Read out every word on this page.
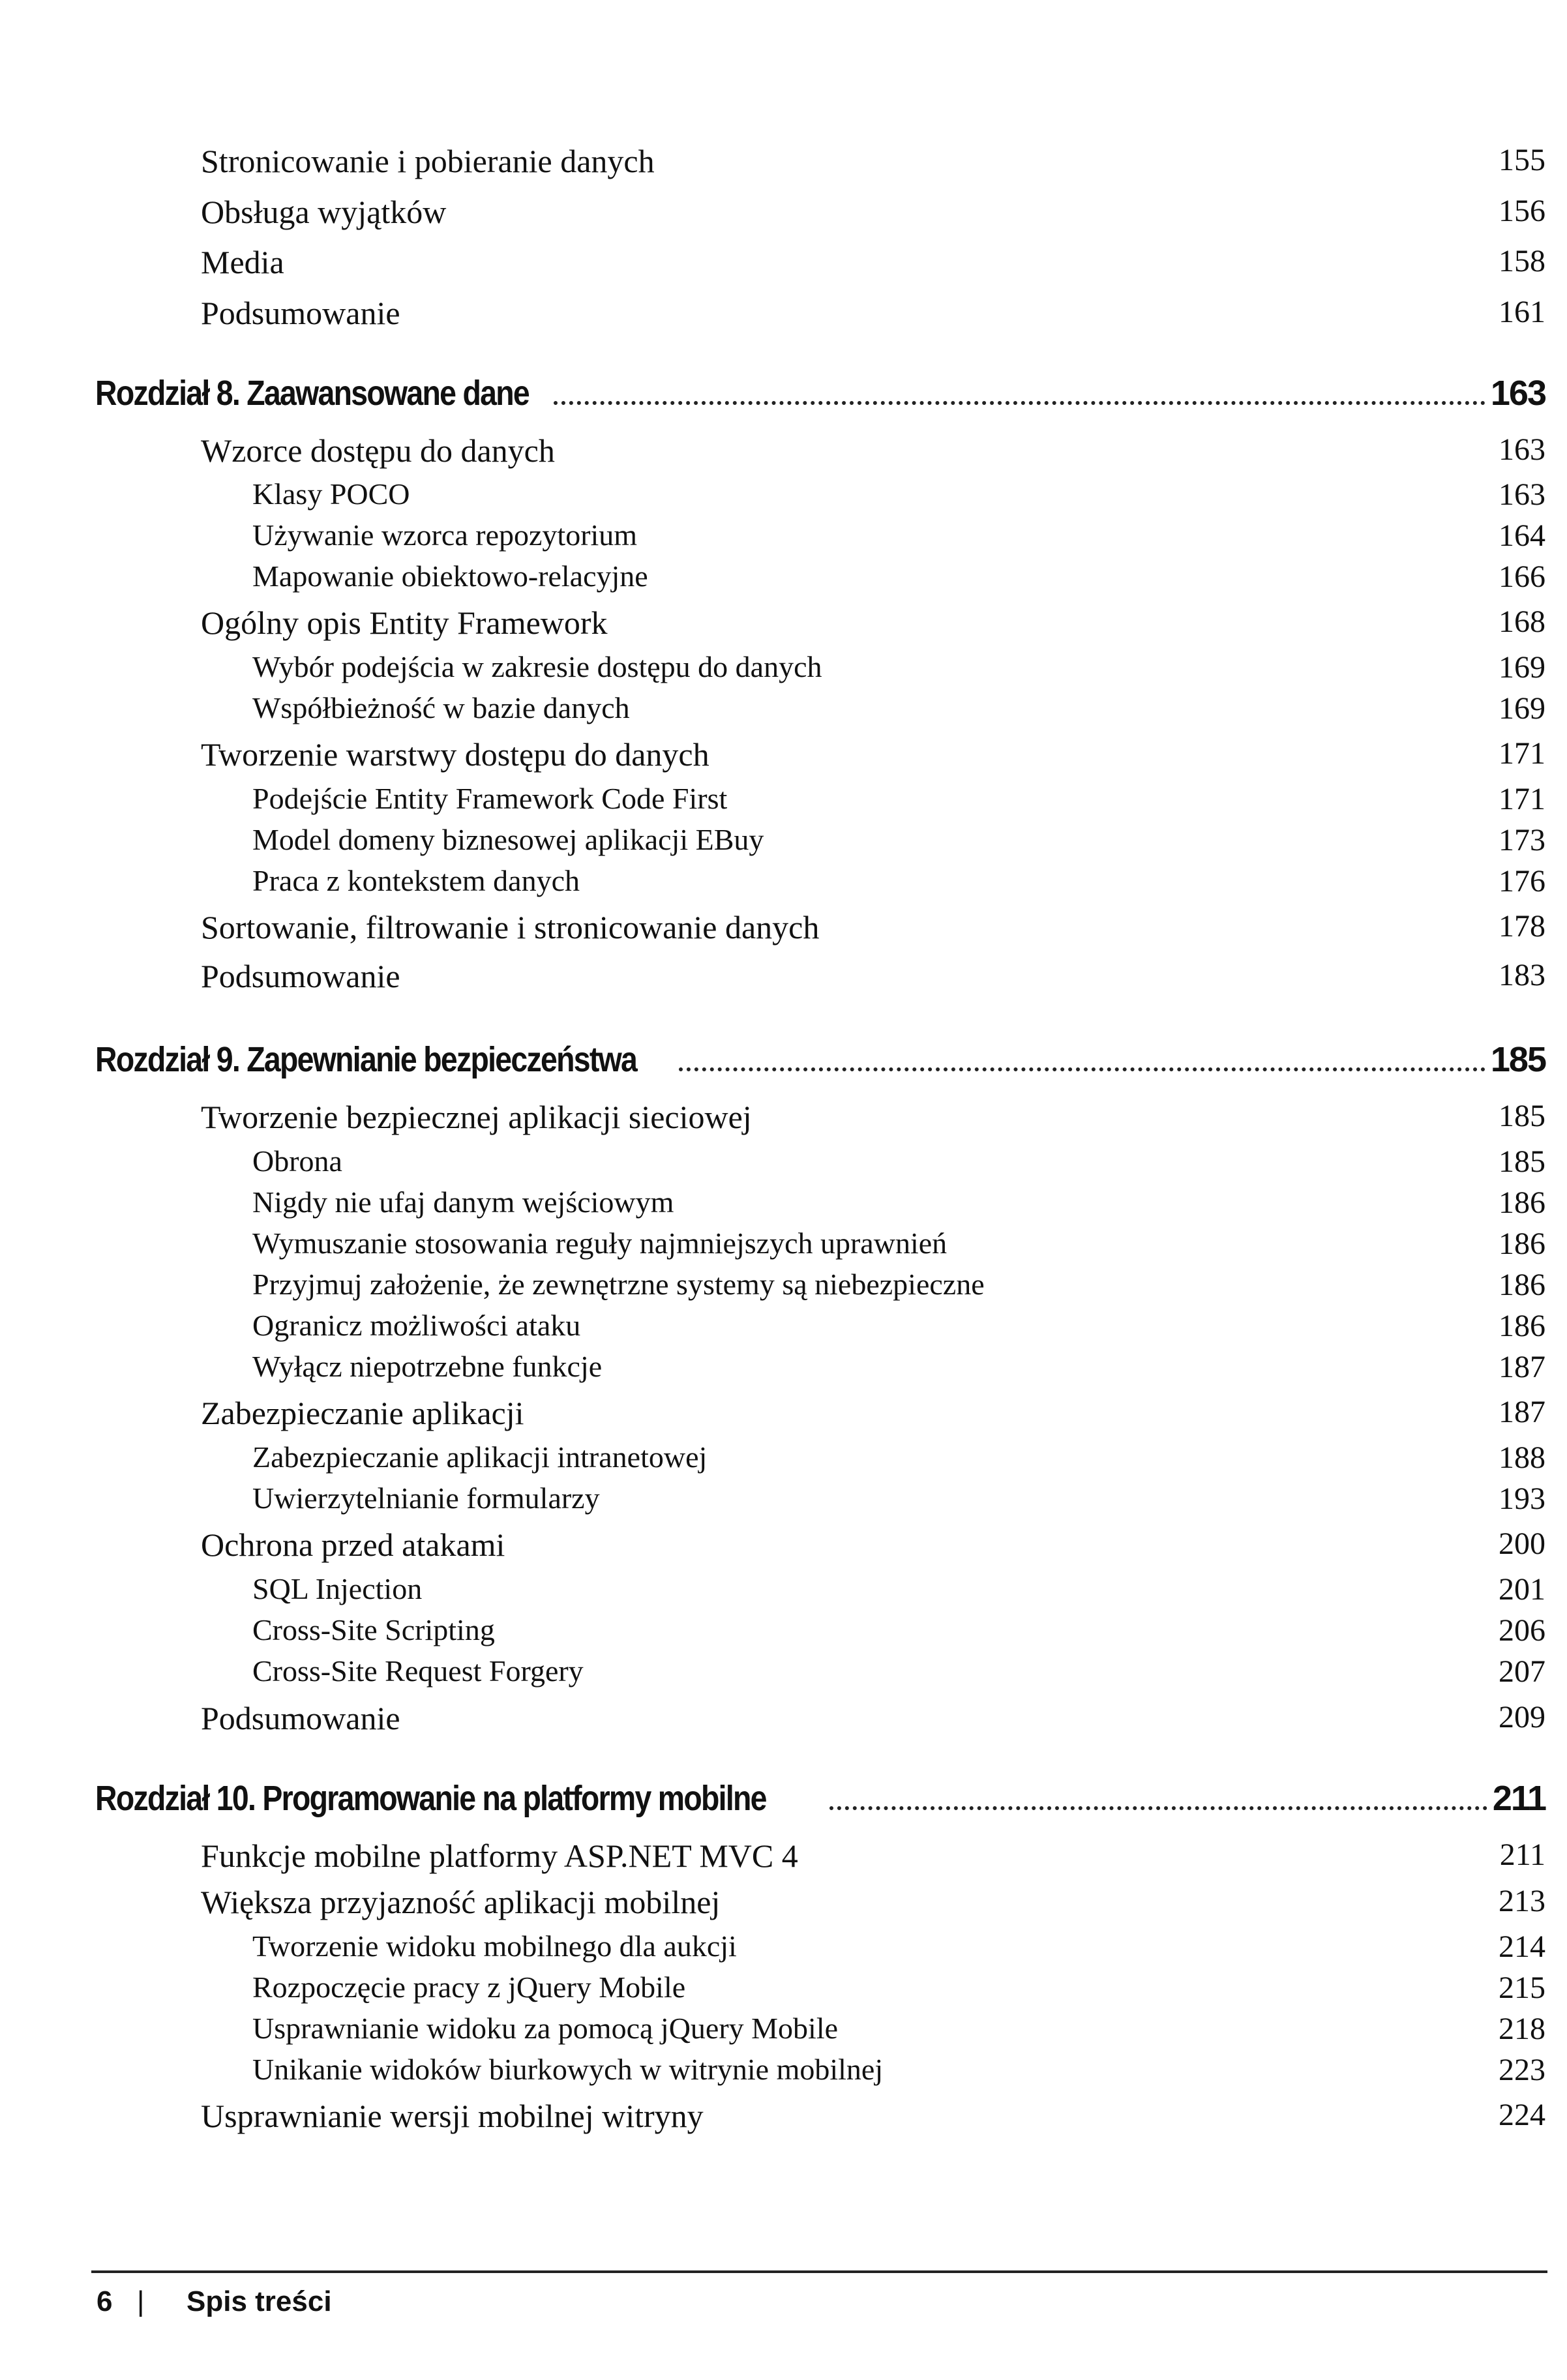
Stronicowanie i pobieranie danych	155
Obsługa wyjątków	156
Media	158
Podsumowanie	161
Rozdział 8. Zaawansowane dane	163
Wzorce dostępu do danych	163
Klasy POCO	163
Używanie wzorca repozytorium	164
Mapowanie obiektowo-relacyjne	166
Ogólny opis Entity Framework	168
Wybór podejścia w zakresie dostępu do danych	169
Współbieżność w bazie danych	169
Tworzenie warstwy dostępu do danych	171
Podejście Entity Framework Code First	171
Model domeny biznesowej aplikacji EBuy	173
Praca z kontekstem danych	176
Sortowanie, filtrowanie i stronicowanie danych	178
Podsumowanie	183
Rozdział 9. Zapewnianie bezpieczeństwa	185
Tworzenie bezpiecznej aplikacji sieciowej	185
Obrona	185
Nigdy nie ufaj danym wejściowym	186
Wymuszanie stosowania reguły najmniejszych uprawnień	186
Przyjmuj założenie, że zewnętrzne systemy są niebezpieczne	186
Ogranicz możliwości ataku	186
Wyłącz niepotrzebne funkcje	187
Zabezpieczanie aplikacji	187
Zabezpieczanie aplikacji intranetowej	188
Uwierzytelnianie formularzy	193
Ochrona przed atakami	200
SQL Injection	201
Cross-Site Scripting	206
Cross-Site Request Forgery	207
Podsumowanie	209
Rozdział 10. Programowanie na platformy mobilne	211
Funkcje mobilne platformy ASP.NET MVC 4	211
Większa przyjazność aplikacji mobilnej	213
Tworzenie widoku mobilnego dla aukcji	214
Rozpoczęcie pracy z jQuery Mobile	215
Usprawnianie widoku za pomocą jQuery Mobile	218
Unikanie widoków biurkowych w witrynie mobilnej	223
Usprawnianie wersji mobilnej witryny	224
6 | Spis treści
